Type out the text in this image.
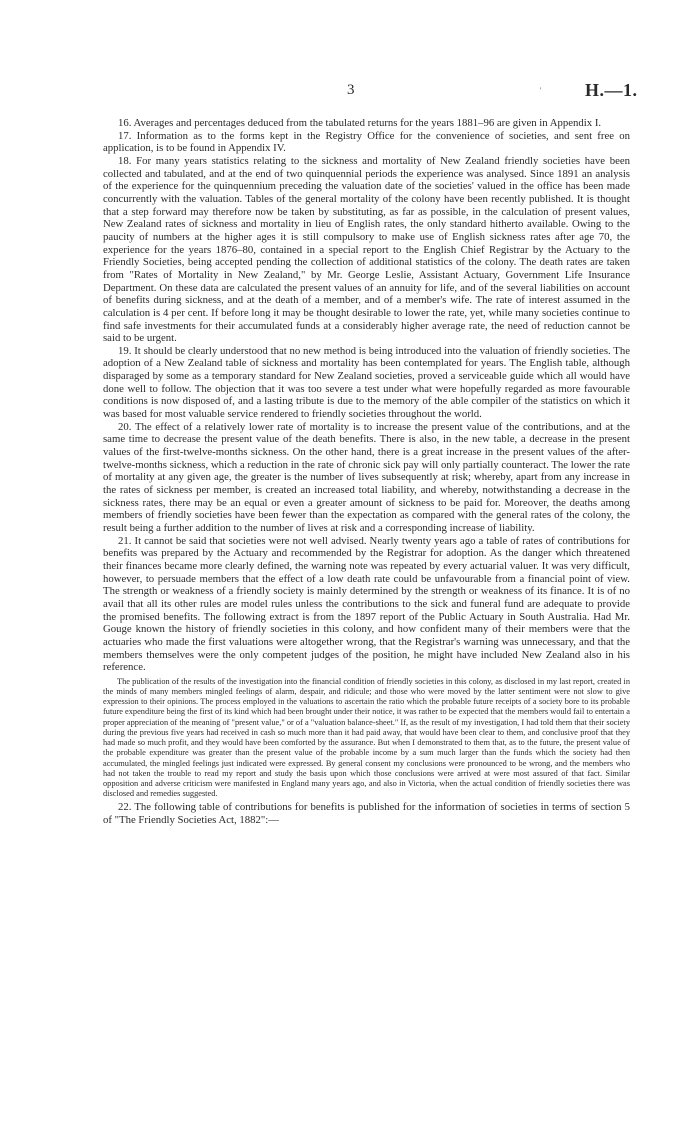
3	' H.—1.

16. Averages and percentages deduced from the tabulated returns for the years 1881–96 are given in Appendix I.

17. Information as to the forms kept in the Registry Office for the convenience of societies, and sent free on application, is to be found in Appendix IV.

18. For many years statistics relating to the sickness and mortality of New Zealand friendly societies have been collected and tabulated, and at the end of two quinquennial periods the experience was analysed. Since 1891 an analysis of the experience for the quinquennium preceding the valuation date of the societies' valued in the office has been made concurrently with the valuation. Tables of the general mortality of the colony have been recently published. It is thought that a step forward may therefore now be taken by substituting, as far as possible, in the calculation of present values, New Zealand rates of sickness and mortality in lieu of English rates, the only standard hitherto available. Owing to the paucity of numbers at the higher ages it is still compulsory to make use of English sickness rates after age 70, the experience for the years 1876–80, contained in a special report to the English Chief Registrar by the Actuary to the Friendly Societies, being accepted pending the collection of additional statistics of the colony. The death rates are taken from "Rates of Mortality in New Zealand," by Mr. George Leslie, Assistant Actuary, Government Life Insurance Department. On these data are calculated the present values of an annuity for life, and of the several liabilities on account of benefits during sickness, and at the death of a member, and of a member's wife. The rate of interest assumed in the calculation is 4 per cent. If before long it may be thought desirable to lower the rate, yet, while many societies continue to find safe investments for their accumulated funds at a considerably higher average rate, the need of reduction cannot be said to be urgent.

19. It should be clearly understood that no new method is being introduced into the valuation of friendly societies. The adoption of a New Zealand table of sickness and mortality has been contemplated for years. The English table, although disparaged by some as a temporary standard for New Zealand societies, proved a serviceable guide which all would have done well to follow. The objection that it was too severe a test under what were hopefully regarded as more favourable conditions is now disposed of, and a lasting tribute is due to the memory of the able compiler of the statistics on which it was based for most valuable service rendered to friendly societies throughout the world.

20. The effect of a relatively lower rate of mortality is to increase the present value of the contributions, and at the same time to decrease the present value of the death benefits. There is also, in the new table, a decrease in the present values of the first-twelve-months sickness. On the other hand, there is a great increase in the present values of the after-twelve-months sickness, which a reduction in the rate of chronic sick pay will only partially counteract. The lower the rate of mortality at any given age, the greater is the number of lives subsequently at risk; whereby, apart from any increase in the rates of sickness per member, is created an increased total liability, and whereby, notwithstanding a decrease in the sickness rates, there may be an equal or even a greater amount of sickness to be paid for. Moreover, the deaths among members of friendly societies have been fewer than the expectation as compared with the general rates of the colony, the result being a further addition to the number of lives at risk and a corresponding increase of liability.

21. It cannot be said that societies were not well advised. Nearly twenty years ago a table of rates of contributions for benefits was prepared by the Actuary and recommended by the Registrar for adoption. As the danger which threatened their finances became more clearly defined, the warning note was repeated by every actuarial valuer. It was very difficult, however, to persuade members that the effect of a low death rate could be unfavourable from a financial point of view. The strength or weakness of a friendly society is mainly determined by the strength or weakness of its finance. It is of no avail that all its other rules are model rules unless the contributions to the sick and funeral fund are adequate to provide the promised benefits. The following extract is from the 1897 report of the Public Actuary in South Australia. Had Mr. Gouge known the history of friendly societies in this colony, and how confident many of their members were that the actuaries who made the first valuations were altogether wrong, that the Registrar's warning was unnecessary, and that the members themselves were the only competent judges of the position, he might have included New Zealand also in his reference.

The publication of the results of the investigation into the financial condition of friendly societies in this colony, as disclosed in my last report, created in the minds of many members mingled feelings of alarm, despair, and ridicule; and those who were moved by the latter sentiment were not slow to give expression to their opinions. The process employed in the valuations to ascertain the ratio which the probable future receipts of a society bore to its probable future expenditure being the first of its kind which had been brought under their notice, it was rather to be expected that the members would fail to entertain a proper appreciation of the meaning of "present value," or of a "valuation balance-sheet." If, as the result of my investigation, I had told them that their society during the previous five years had received in cash so much more than it had paid away, that would have been clear to them, and conclusive proof that they had made so much profit, and they would have been comforted by the assurance. But when I demonstrated to them that, as to the future, the present value of the probable expenditure was greater than the present value of the probable income by a sum much larger than the funds which the society had then accumulated, the mingled feelings just indicated were expressed. By general consent my conclusions were pronounced to be wrong, and the members who had not taken the trouble to read my report and study the basis upon which those conclusions were arrived at were most assured of that fact. Similar opposition and adverse criticism were manifested in England many years ago, and also in Victoria, when the actual condition of friendly societies there was disclosed and remedies suggested.

22. The following table of contributions for benefits is published for the information of societies in terms of section 5 of "The Friendly Societies Act, 1882":—
